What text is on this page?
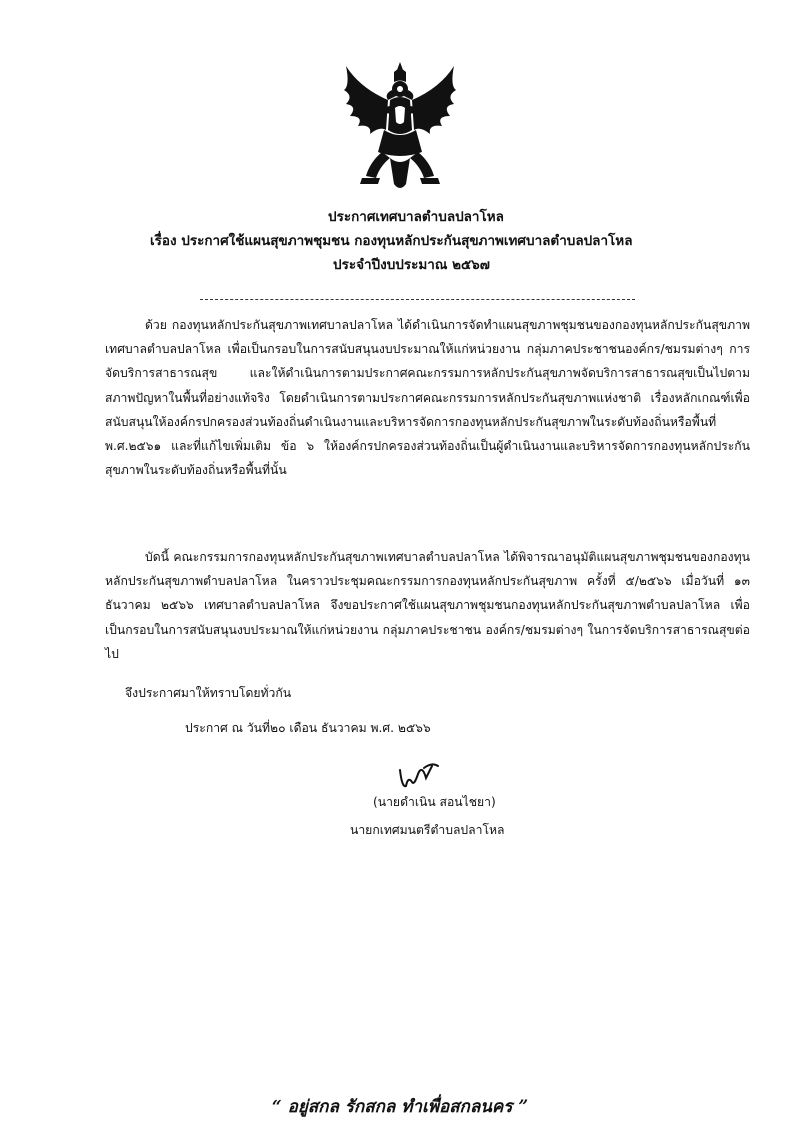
ประกาศเทศบาลตำบลปลาโหล
เรื่อง ประกาศใช้แผนสุขภาพชุมชน กองทุนหลักประกันสุขภาพเทศบาลตำบลปลาโหล
ประจำปีงบประมาณ ๒๕๖๗
ด้วย กองทุนหลักประกันสุขภาพเทศบาลปลาโหล ได้ดำเนินการจัดทำแผนสุขภาพชุมชนของกองทุนหลักประกันสุขภาพเทศบาลตำบลปลาโหล เพื่อเป็นกรอบในการสนับสนุนงบประมาณให้แก่หน่วยงาน กลุ่มภาคประชาชนองค์กร/ชมรมต่างๆ การจัดบริการสาธารณสุข และให้ดำเนินการตามประกาศคณะกรรมการหลักประกันสุขภาพจัดบริการสาธารณสุขเป็นไปตามสภาพปัญหาในพื้นที่อย่างแท้จริง โดยดำเนินการตามประกาศคณะกรรมการหลักประกันสุขภาพแห่งชาติ เรื่องหลักเกณฑ์เพื่อสนับสนุนให้องค์กรปกครองส่วนท้องถิ่นดำเนินงานและบริหารจัดการกองทุนหลักประกันสุขภาพในระดับท้องถิ่นหรือพื้นที่ พ.ศ.๒๕๖๑ และที่แก้ไขเพิ่มเติม ข้อ ๖ ให้องค์กรปกครองส่วนท้องถิ่นเป็นผู้ดำเนินงานและบริหารจัดการกองทุนหลักประกันสุขภาพในระดับท้องถิ่นหรือพื้นที่นั้น
บัดนี้ คณะกรรมการกองทุนหลักประกันสุขภาพเทศบาลตำบลปลาโหล ได้พิจารณาอนุมัติแผนสุขภาพชุมชนของกองทุนหลักประกันสุขภาพตำบลปลาโหล ในคราวประชุมคณะกรรมการกองทุนหลักประกันสุขภาพ ครั้งที่ ๕/๒๕๖๖ เมื่อวันที่ ๑๓ ธันวาคม ๒๕๖๖ เทศบาลตำบลปลาโหล จึงขอประกาศใช้แผนสุขภาพชุมชนกองทุนหลักประกันสุขภาพตำบลปลาโหล เพื่อเป็นกรอบในการสนับสนุนงบประมาณให้แก่หน่วยงาน กลุ่มภาคประชาชน องค์กร/ชมรมต่างๆ ในการจัดบริการสาธารณสุขต่อไป
จึงประกาศมาให้ทราบโดยทั่วกัน
ประกาศ ณ วันที่๒๐ เดือน ธันวาคม พ.ศ. ๒๕๖๖
(นายดำเนิน สอนไชยา)
นายกเทศมนตรีตำบลปลาโหล
“ อยู่สกล รักสกล ทำเพื่อสกลนคร ”
